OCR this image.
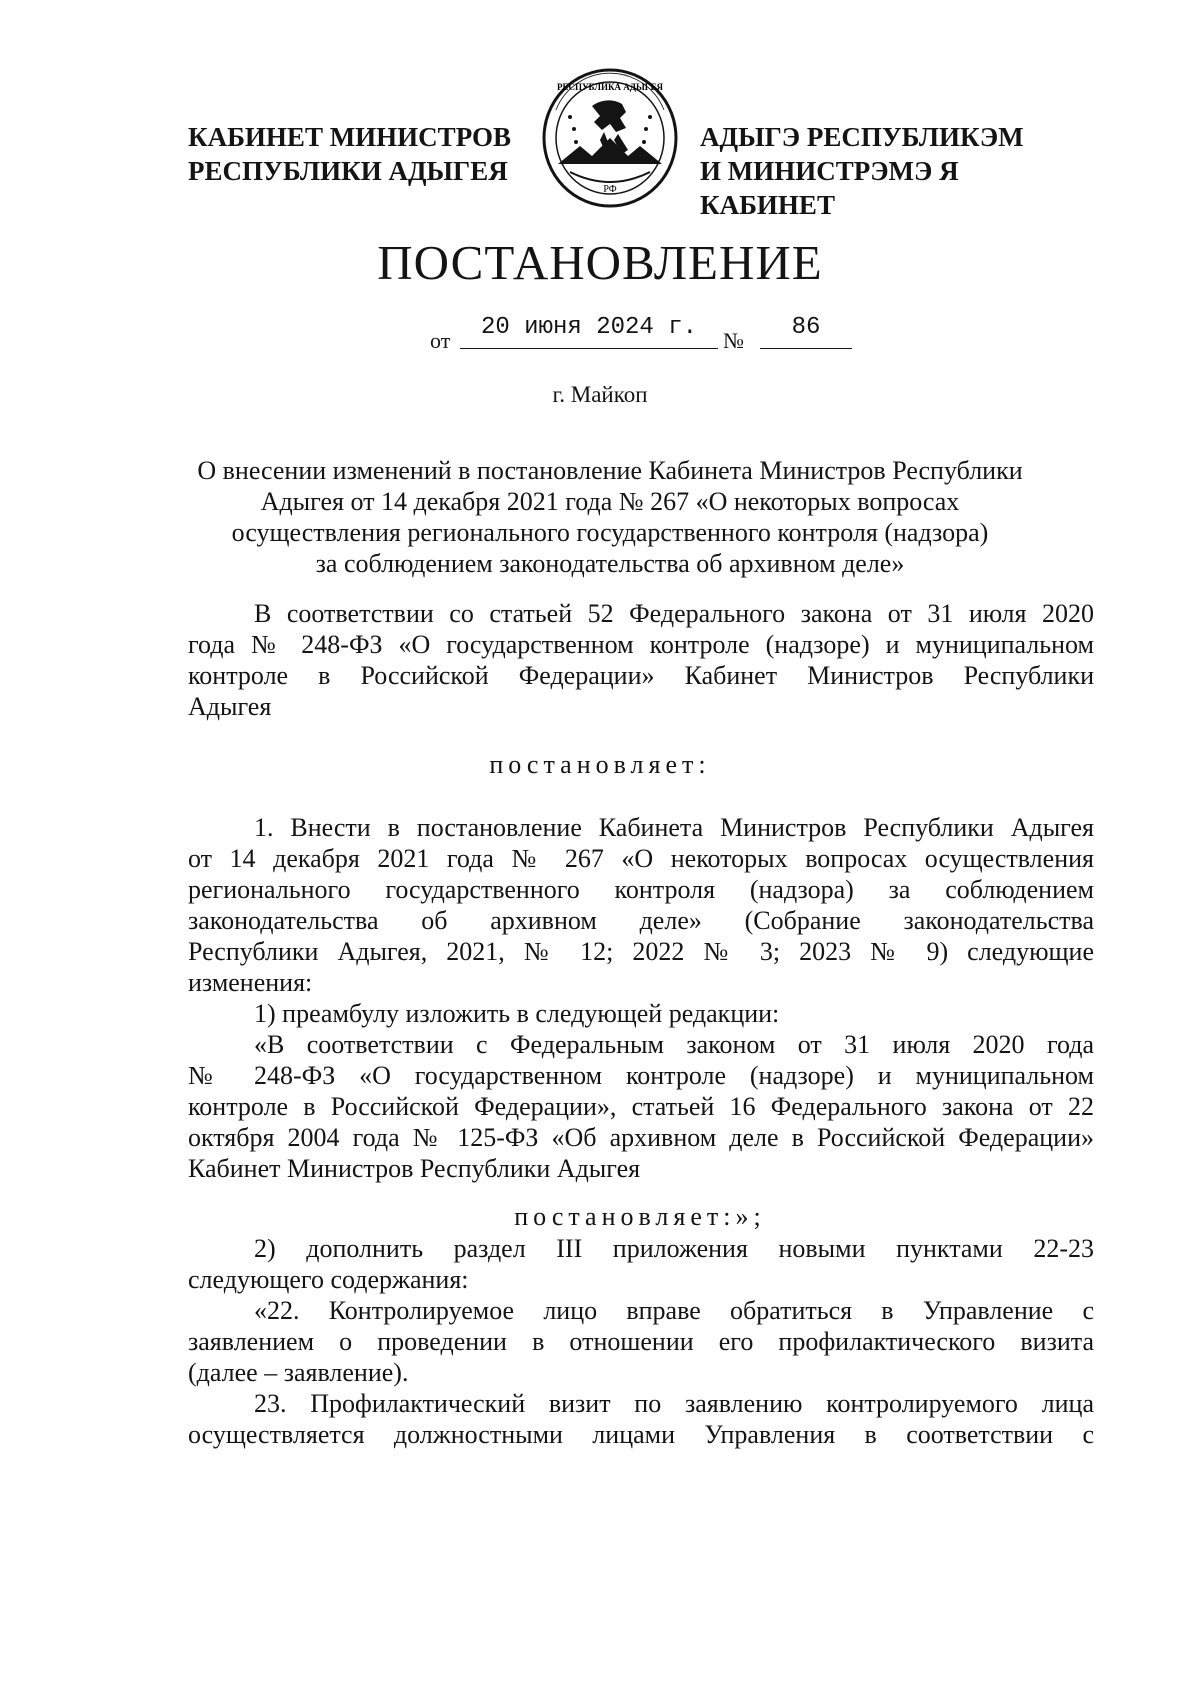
КАБИНЕТ МИНИСТРОВ
РЕСПУБЛИКИ АДЫГЕЯ
РЕСПУБЛИКА АДЫГЕЯ
РФ
АДЫГЭ РЕСПУБЛИКЭМ
И МИНИСТРЭМЭ Я КАБИНЕТ
ПОСТАНОВЛЕНИЕ
от	20 июня 2024 г.	№	86
г. Майкоп
О внесении изменений в постановление Кабинета Министров Республики
Адыгея от 14 декабря 2021 года № 267 «О некоторых вопросах
осуществления регионального государственного контроля (надзора)
за соблюдением законодательства об архивном деле»
В соответствии со статьей 52 Федерального закона от 31 июля 2020
года № 248-ФЗ «О государственном контроле (надзоре) и муниципальном
контроле в Российской Федерации» Кабинет Министров Республики
Адыгея
постановляет:
1. Внести в постановление Кабинета Министров Республики Адыгея
от 14 декабря 2021 года № 267 «О некоторых вопросах осуществления
регионального государственного контроля (надзора) за соблюдением
законодательства об архивном деле» (Собрание законодательства
Республики Адыгея, 2021, № 12; 2022 № 3; 2023 № 9) следующие
изменения:
1) преамбулу изложить в следующей редакции:
«В соответствии с Федеральным законом от 31 июля 2020 года
№ 248-ФЗ «О государственном контроле (надзоре) и муниципальном
контроле в Российской Федерации», статьей 16 Федерального закона от 22
октября 2004 года № 125-ФЗ «Об архивном деле в Российской Федерации»
Кабинет Министров Республики Адыгея
постановляет:»;
2) дополнить раздел III приложения новыми пунктами 22-23
следующего содержания:
«22. Контролируемое лицо вправе обратиться в Управление с
заявлением о проведении в отношении его профилактического визита
(далее – заявление).
23. Профилактический визит по заявлению контролируемого лица
осуществляется должностными лицами Управления в соответствии с
